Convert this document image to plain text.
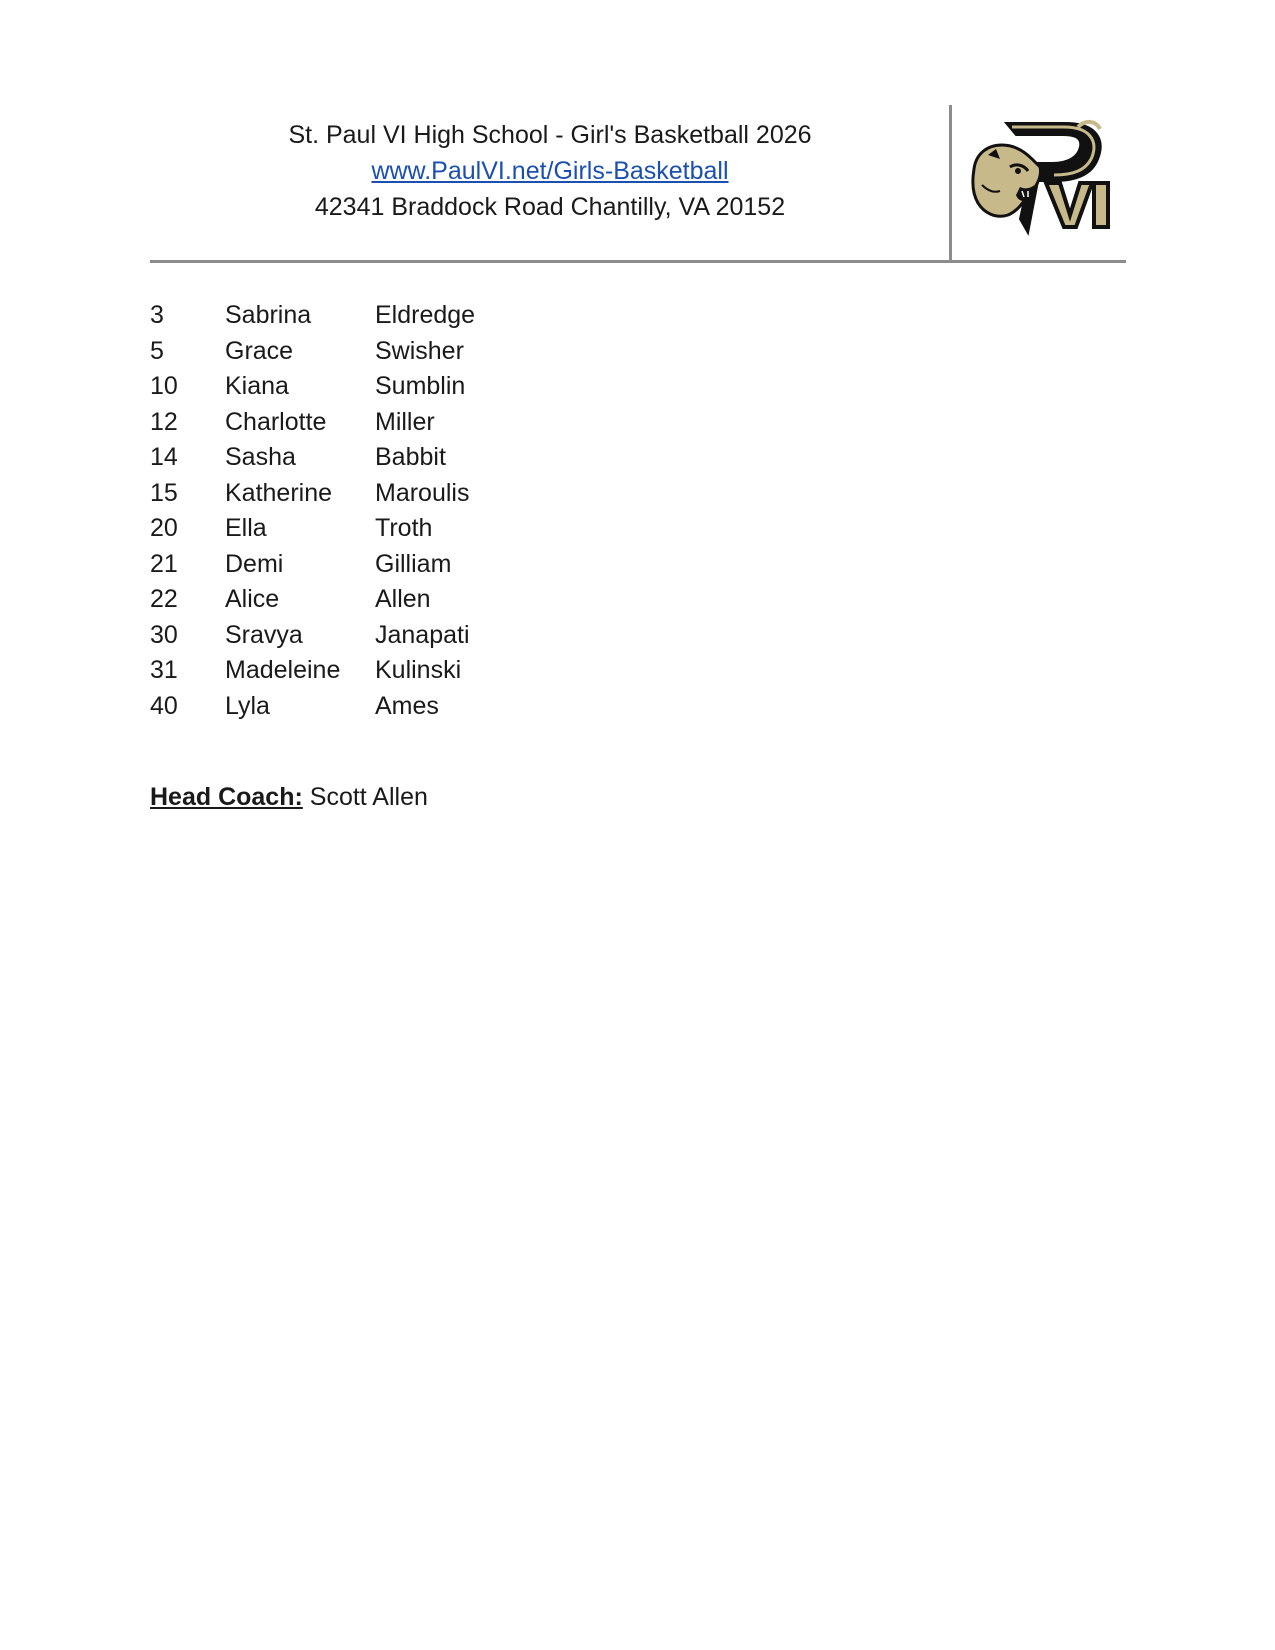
St. Paul VI High School - Girl's Basketball 2026
www.PaulVI.net/Girls-Basketball
42341 Braddock Road Chantilly, VA 20152
3 Sabrina	Eldredge
5 Grace	Swisher
10 Kiana	Sumblin
12 Charlotte Miller
14 Sasha	Babbit
15 Katherine Maroulis
20 Ella	Troth
21 Demi	Gilliam
22 Alice	Allen
30 Sravya	Janapati
31 Madeleine Kulinski
40 Lyla	Ames
Head Coach: Scott Allen
